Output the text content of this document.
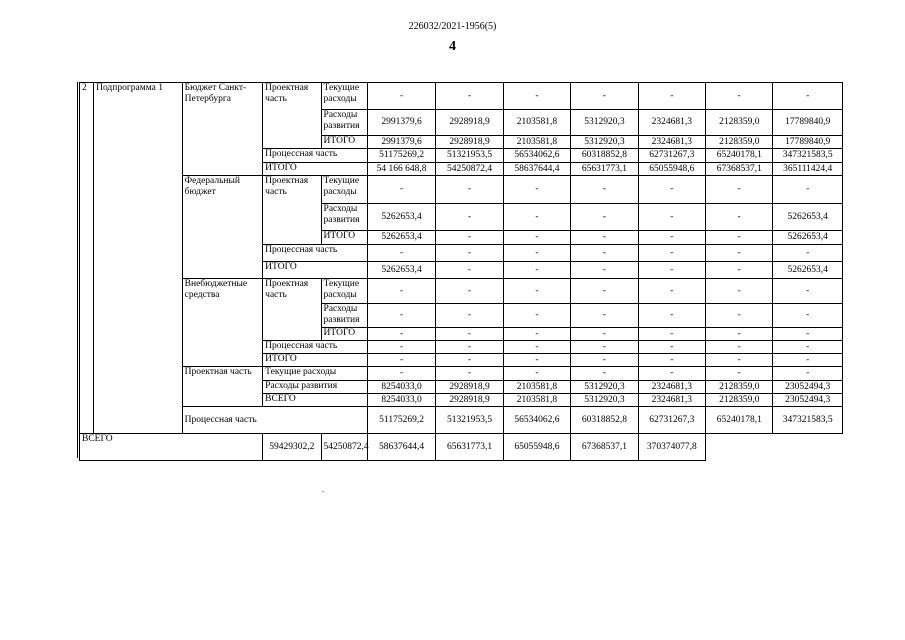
226032/2021-1956(5)
4
2	Подпрограмма 1	Бюджет Санкт-Петербурга	Проектная часть	Текущие расходы	-	-	-	-	-	-	-
				Расходы развития	2991379,6	2928918,9	2103581,8	5312920,3	2324681,3	2128359,0	17789840,9
				ИТОГО	2991379,6	2928918,9	2103581,8	5312920,3	2324681,3	2128359,0	17789840,9
			Процессная часть		51175269,2	51321953,5	56534062,6	60318852,8	62731267,3	65240178,1	347321583,5
			ИТОГО		54 166 648,8	54250872,4	58637644,4	65631773,1	65055948,6	67368537,1	365111424,4

		Федеральный бюджет	Проектная часть	Текущие расходы	-	-	-	-	-	-	-
				Расходы развития	5262653,4	-	-	-	-	-	5262653,4
				ИТОГО	5262653,4	-	-	-	-	-	5262653,4
			Процессная часть		-	-	-	-	-	-	-
			ИТОГО		5262653,4	-	-	-	-	-	5262653,4
		Внебюджетные средства	Проектная часть	Текущие расходы	-	-	-	-	-	-	-
				Расходы развития	-	-	-	-	-	-	-
				ИТОГО	-	-	-	-	-	-	-
			Процессная часть		-	-	-	-	-	-	-
			ИТОГО		-	-	-	-	-	-	-
		Проектная часть	Текущие расходы		-	-	-	-	-	-	-
			Расходы развития		8254033,0	2928918,9	2103581,8	5312920,3	2324681,3	2128359,0	23052494,3
			ВСЕГО		8254033,0	2928918,9	2103581,8	5312920,3	2324681,3	2128359,0	23052494,3
		Процессная часть			51175269,2	51321953,5	56534062,6	60318852,8	62731267,3	65240178,1	347321583,5
ВСЕГО			59429302,2	54250872,4	58637644,4	65631773,1	65055948,6	67368537,1	370374077,8		
